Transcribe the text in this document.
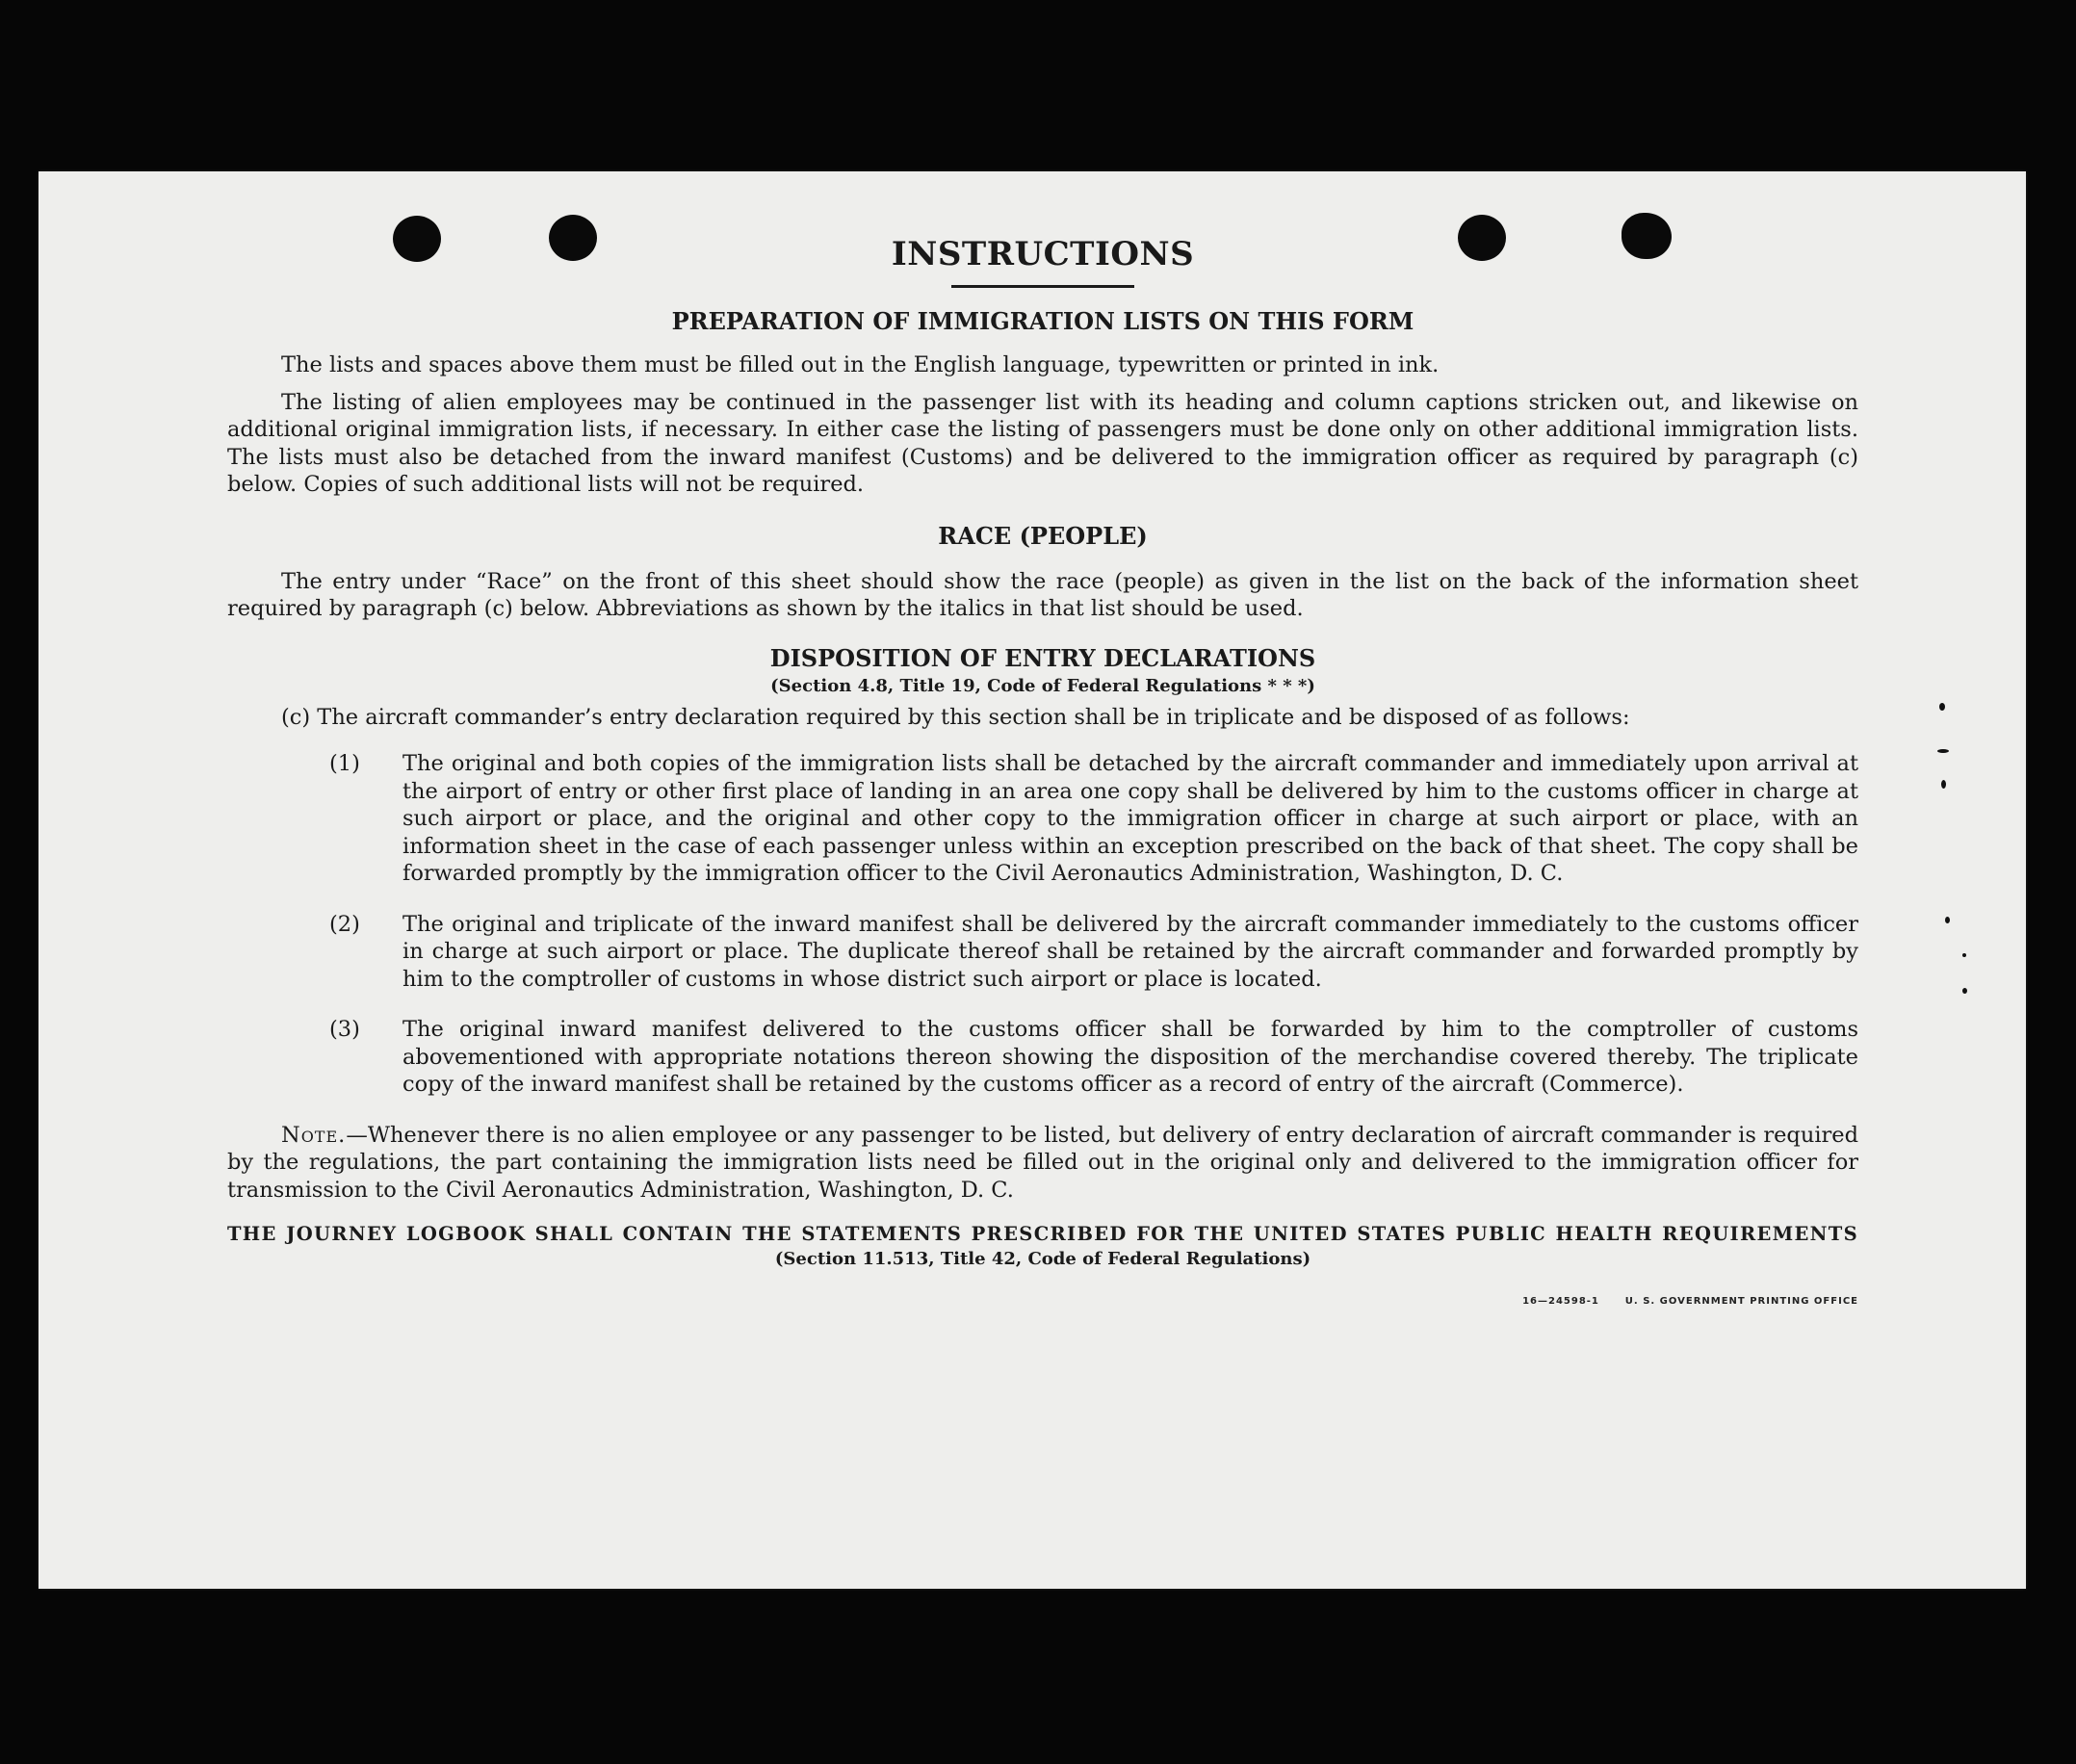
INSTRUCTIONS
PREPARATION OF IMMIGRATION LISTS ON THIS FORM

The lists and spaces above them must be filled out in the English language, typewritten or printed in ink.

The listing of alien employees may be continued in the passenger list with its heading and column captions stricken out, and likewise on additional original immigration lists, if necessary. In either case the listing of passengers must be done only on other additional immigration lists. The lists must also be detached from the inward manifest (Customs) and be delivered to the immigration officer as required by paragraph (c) below. Copies of such additional lists will not be required.

RACE (PEOPLE)

The entry under “Race” on the front of this sheet should show the race (people) as given in the list on the back of the information sheet required by paragraph (c) below. Abbreviations as shown by the italics in that list should be used.

DISPOSITION OF ENTRY DECLARATIONS

(Section 4.8, Title 19, Code of Federal Regulations * * *)

(c) The aircraft commander’s entry declaration required by this section shall be in triplicate and be disposed of as follows:

(1) The original and both copies of the immigration lists shall be detached by the aircraft commander and immediately upon arrival at the airport of entry or other first place of landing in an area one copy shall be delivered by him to the customs officer in charge at such airport or place, and the original and other copy to the immigration officer in charge at such airport or place, with an information sheet in the case of each passenger unless within an exception prescribed on the back of that sheet. The copy shall be forwarded promptly by the immigration officer to the Civil Aeronautics Administration, Washington, D. C.
(2) The original and triplicate of the inward manifest shall be delivered by the aircraft commander immediately to the customs officer in charge at such airport or place. The duplicate thereof shall be retained by the aircraft commander and forwarded promptly by him to the comptroller of customs in whose district such airport or place is located.
(3) The original inward manifest delivered to the customs officer shall be forwarded by him to the comptroller of customs abovementioned with appropriate notations thereon showing the disposition of the merchandise covered thereby. The triplicate copy of the inward manifest shall be retained by the customs officer as a record of entry of the aircraft (Commerce).

Note.—Whenever there is no alien employee or any passenger to be listed, but delivery of entry declaration of aircraft commander is required by the regulations, the part containing the immigration lists need be filled out in the original only and delivered to the immigration officer for transmission to the Civil Aeronautics Administration, Washington, D. C.

THE JOURNEY LOGBOOK SHALL CONTAIN THE STATEMENTS PRESCRIBED FOR THE UNITED STATES PUBLIC HEALTH REQUIREMENTS

(Section 11.513, Title 42, Code of Federal Regulations)

16—24598-1	U. S. GOVERNMENT PRINTING OFFICE
